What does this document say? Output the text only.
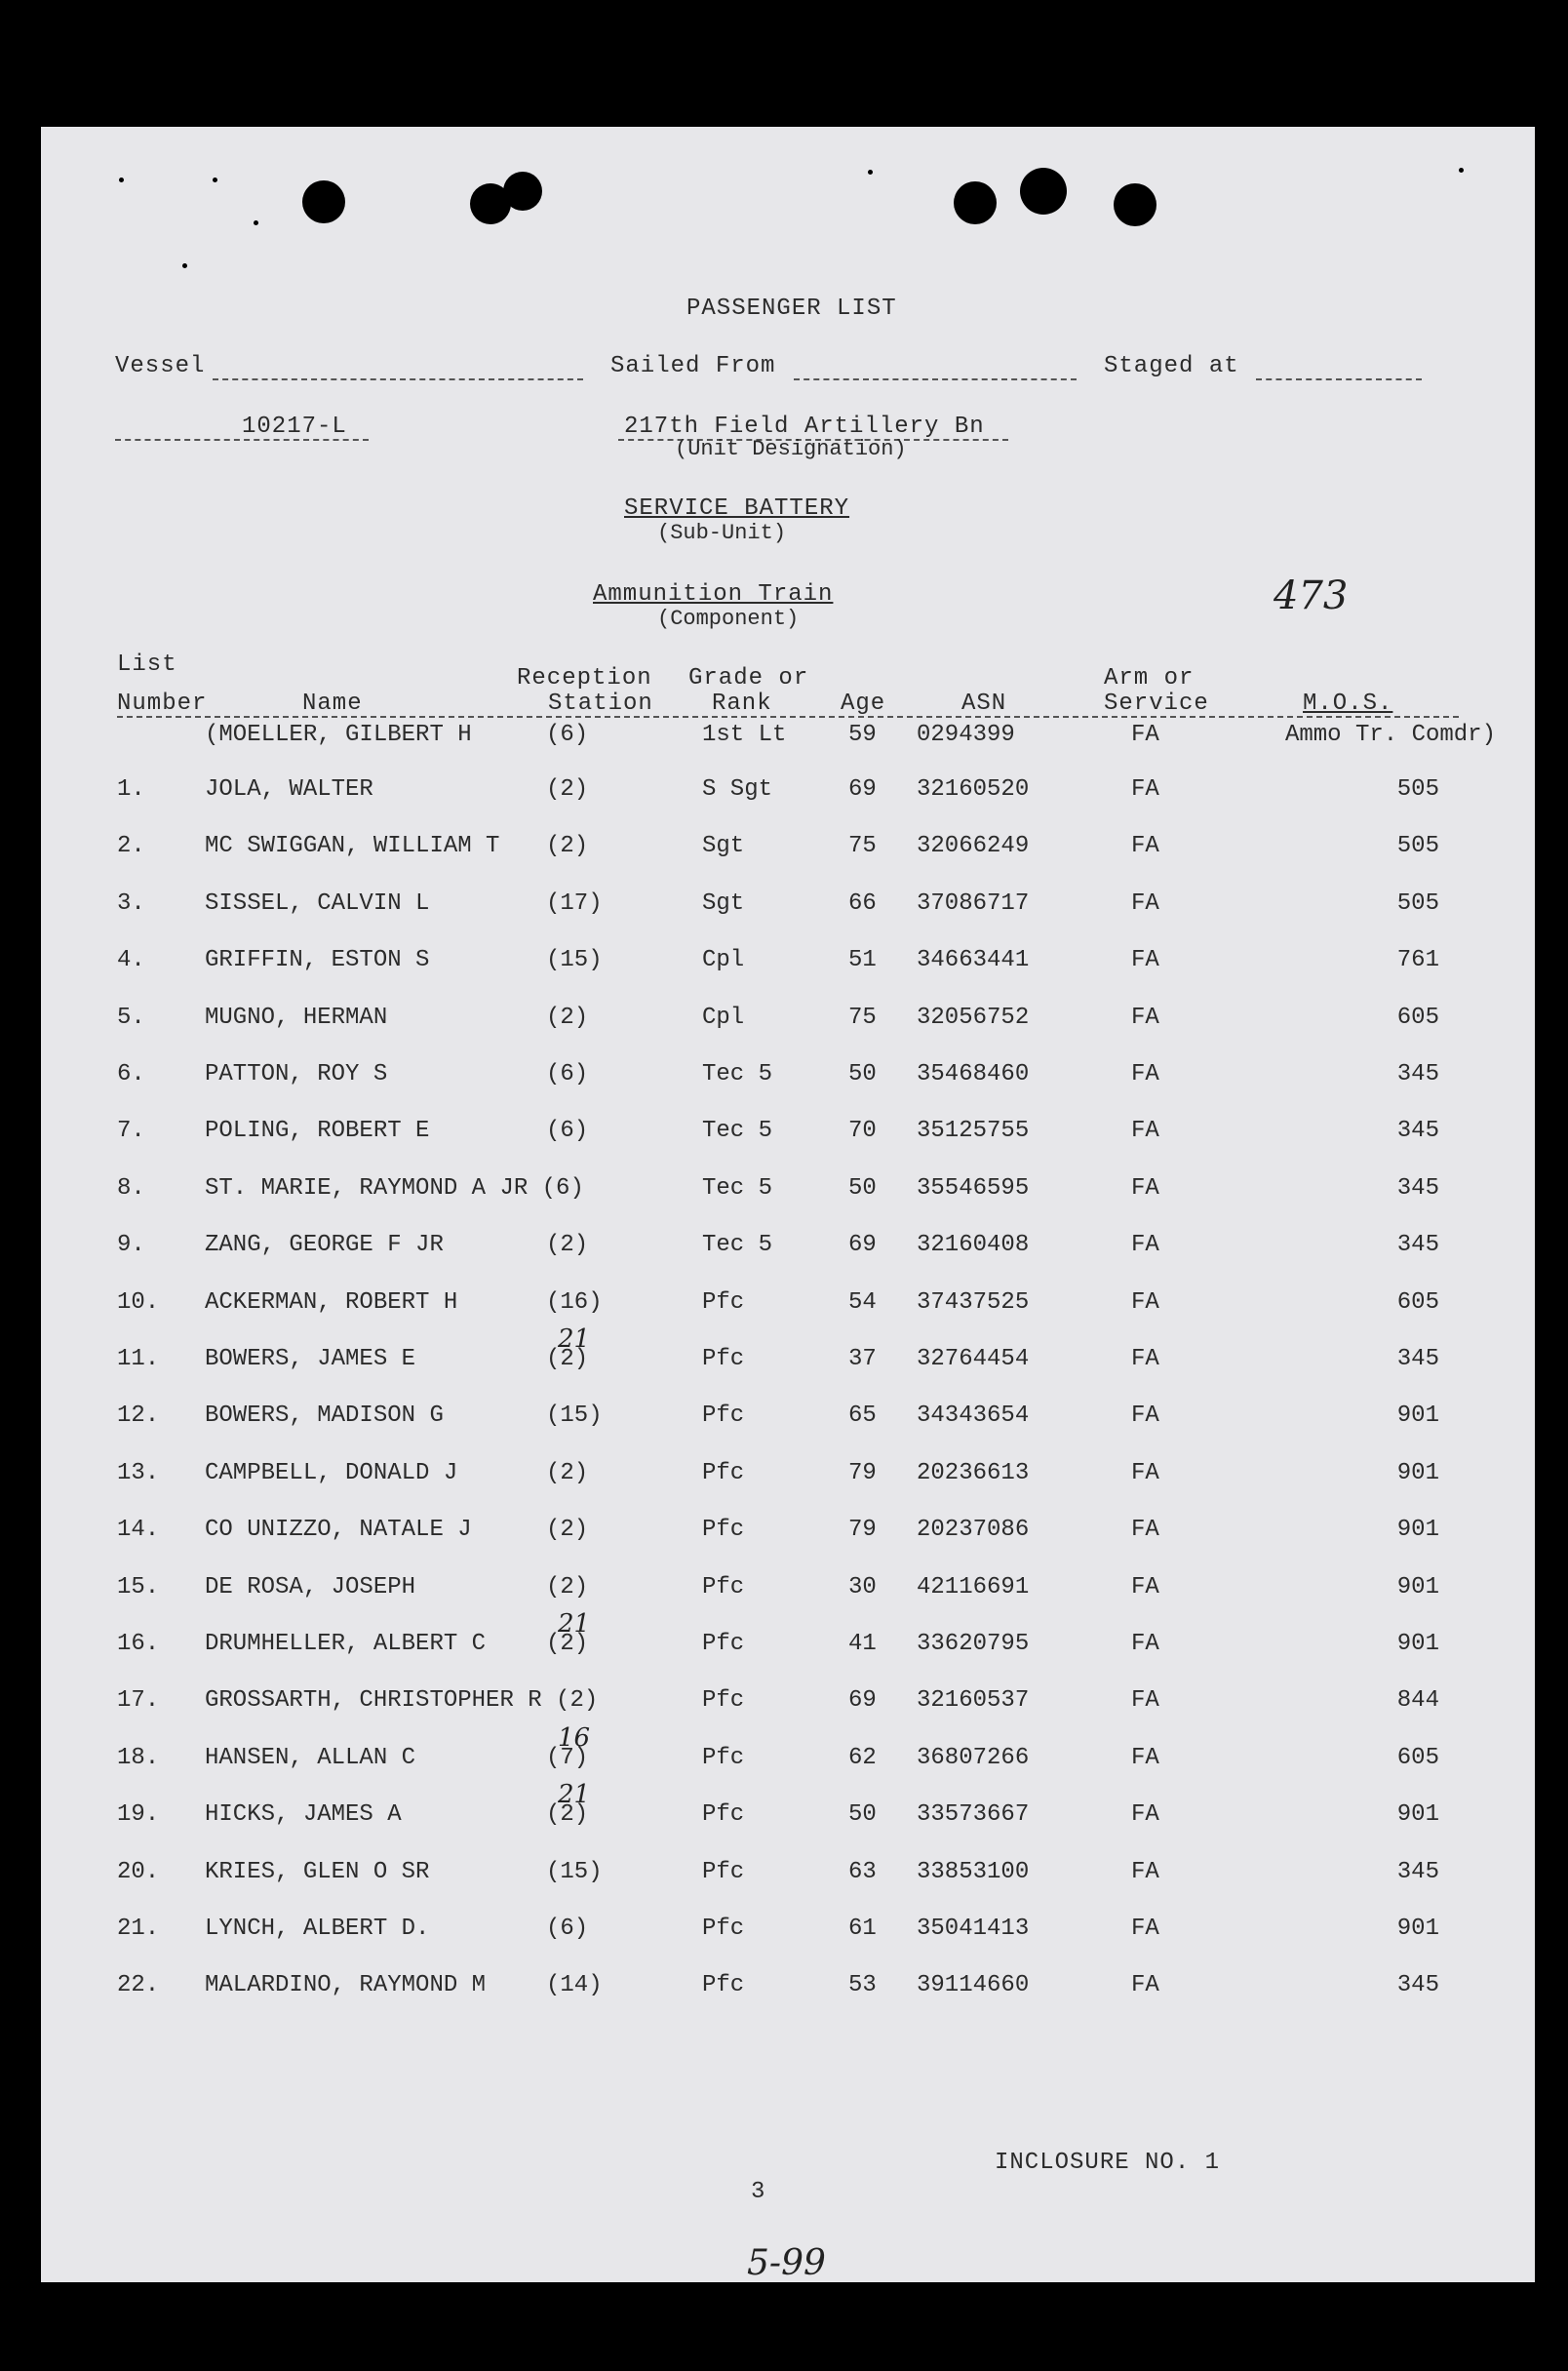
PASSENGER LIST
Vessel	Sailed From	Staged at
10217-L	217th Field Artillery Bn
(Unit Designation)
SERVICE BATTERY
(Sub-Unit)
Ammunition Train
(Component)
473
List
Number	Name
Reception
Station
Grade or
Rank	Age	ASN
Arm or
Service	M.O.S.
(MOELLER, GILBERT H	(6)	1st Lt	59 0294399	FA	Ammo Tr. Comdr)
1.	JOLA, WALTER	(2)	S Sgt	69 32160520	FA	505
2.	MC SWIGGAN, WILLIAM T (2)	Sgt	75 32066249	FA	505
3.	SISSEL, CALVIN L	(17)	Sgt	66 37086717	FA	505
4.	GRIFFIN, ESTON S	(15)	Cpl	51 34663441	FA	761
5.	MUGNO, HERMAN	(2)	Cpl	75 32056752	FA	605
6.	PATTON, ROY S	(6)	Tec 5	50 35468460	FA	345
7.	POLING, ROBERT E	(6)	Tec 5	70 35125755	FA	345
8.	ST. MARIE, RAYMOND A JR (6)	Tec 5	50 35546595	FA	345
9.	ZANG, GEORGE F JR	(2)	Tec 5	69 32160408	FA	345
10. ACKERMAN, ROBERT H	(16)	Pfc	54 37437525	FA	605
11. BOWERS, JAMES E	(2)	Pfc	37 32764454	FA	345
21
12. BOWERS, MADISON G	(15)	Pfc	65 34343654	FA	901
13. CAMPBELL, DONALD J	(2)	Pfc	79 20236613	FA	901
14. CO UNIZZO, NATALE J	(2)	Pfc	79 20237086	FA	901
15. DE ROSA, JOSEPH	(2)	Pfc	30 42116691	FA	901
16. DRUMHELLER, ALBERT C	(2)	Pfc	41 33620795	FA	901
21
17. GROSSARTH, CHRISTOPHER R (2)	Pfc	69 32160537	FA	844
18. HANSEN, ALLAN C	(7)	Pfc	62 36807266	FA	605
16
19. HICKS, JAMES A	(2)	Pfc	50 33573667	FA	901
21
20. KRIES, GLEN O SR	(15)	Pfc	63 33853100	FA	345
21. LYNCH, ALBERT D.	(6)	Pfc	61 35041413	FA	901
22. MALARDINO, RAYMOND M	(14)	Pfc	53 39114660	FA	345
3
INCLOSURE NO. 1
5-99
